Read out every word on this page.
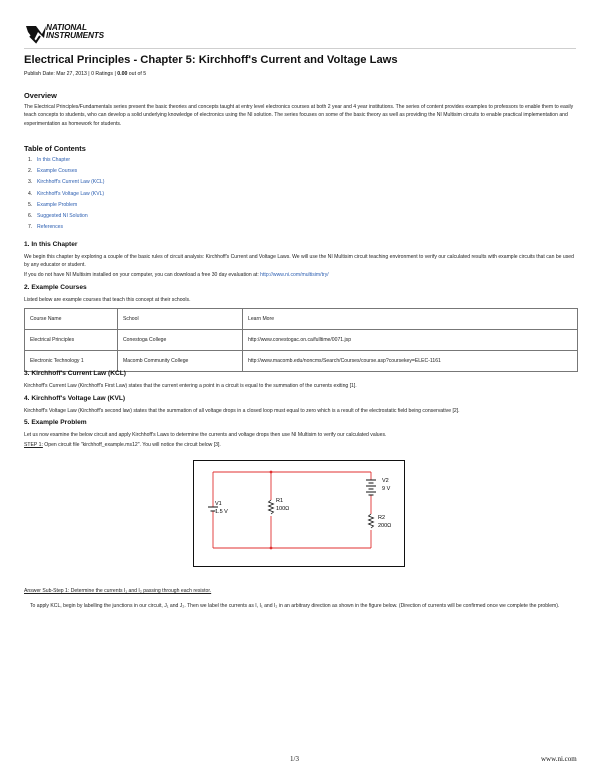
NATIONAL
INSTRUMENTS
Electrical Principles - Chapter 5: Kirchhoff's Current and Voltage Laws
Publish Date: Mar 27, 2013 | 0 Ratings | 0.00 out of 5
Overview
The Electrical Principles/Fundamentals series present the basic theories and concepts taught at entry level electronics courses at both 2 year and 4 year institutions. The series of content provides examples to professors to enable them to easily teach concepts to students, who can develop a solid underlying knowledge of electronics using the NI solution. The series focuses on some of the basic theory as well as providing the NI Multisim circuits to enable practical implementation and experimentation as homework for students.
Table of Contents
1. In this Chapter
2. Example Courses
3. Kirchhoff's Current Law (KCL)
4. Kirchhoff's Voltage Law (KVL)
5. Example Problem
6. Suggested NI Solution
7. References
1. In this Chapter
We begin this chapter by exploring a couple of the basic rules of circuit analysis: Kirchhoff's Current and Voltage Laws. We will use the NI Multisim circuit teaching environment to verify our calculated results with example circuits that can be used by any educator or student.
If you do not have NI Multisim installed on your computer, you can download a free 30 day evaluation at: http://www.ni.com/multisim/try/
2. Example Courses
Listed below are example courses that teach this concept at their schools.
Course Name	School	Learn More
Electrical Principles	Conestoga College	http://www.conestogac.on.ca/fulltime/0071.jsp
Electronic Technology 1	Macomb Community College	http://www.macomb.edu/noncms/Search/Courses/course.asp?coursekey=ELEC-1161
3. Kirchhoff's Current Law (KCL)
Kirchhoff's Current Law (Kirchhoff's First Law) states that the current entering a point in a circuit is equal to the summation of the currents exiting [1].
4. Kirchhoff's Voltage Law (KVL)
Kirchhoff's Voltage Law (Kirchhoff's second law) states that the summation of all voltage drops in a closed loop must equal to zero which is a result of the electrostatic field being conservative [2].
5. Example Problem
Let us now examine the below circuit and apply Kirchhoff's Laws to determine the currents and voltage drops then use NI Multisim to verify our calculated values.
STEP 1: Open circuit file "kirchhoff_example.ms12". You will notice the circuit below [3].
V1
1.5 V
R1
100Ω
V2
9 V
R2
200Ω
Answer Sub-Step 1: Determine the currents I₁ and I₂ passing through each resistor.
To apply KCL, begin by labelling the junctions in our circuit, J₁ and J₂. Then we label the currents as I, I₁ and I₂ in an arbitrary direction as shown in the figure below. (Direction of currents will be confirmed once we complete the problem).
1/3	www.ni.com
